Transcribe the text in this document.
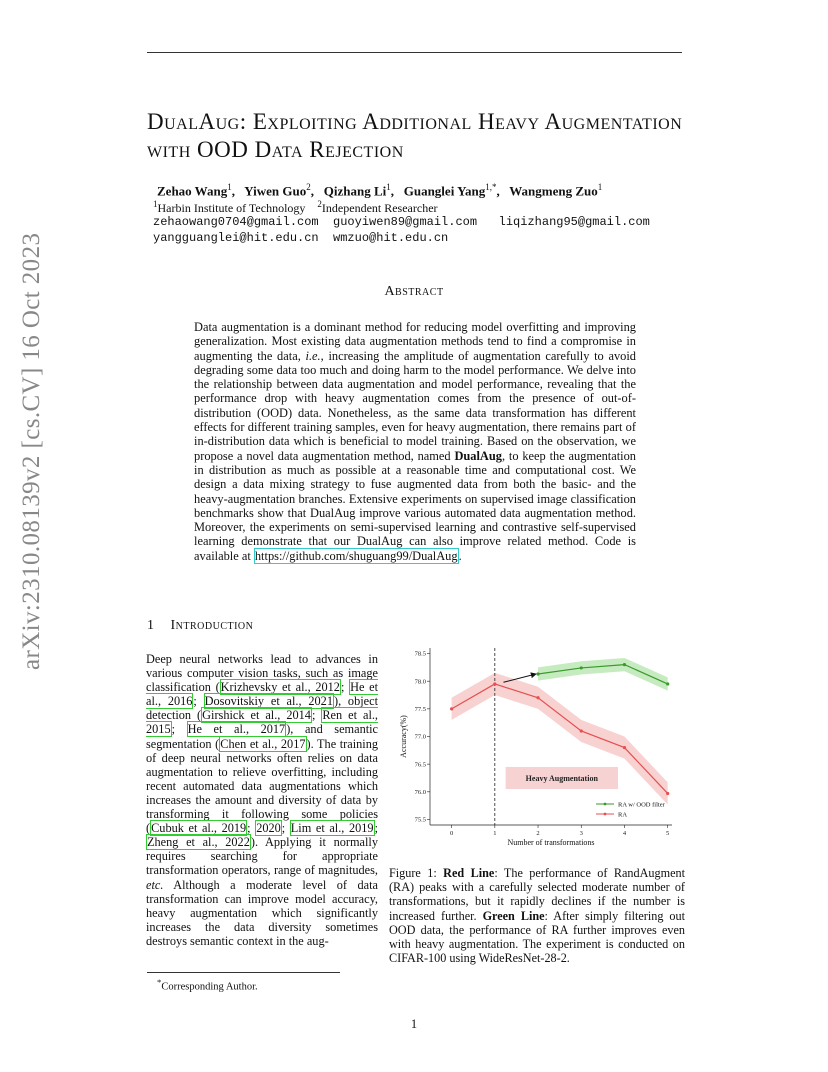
arXiv:2310.08139v2 [cs.CV] 16 Oct 2023
DualAug: Exploiting Additional Heavy Augmentation with OOD Data Rejection
Zehao Wang$^1$,   Yiwen Guo$^2$,   Qizhang Li$^1$,   Guanglei Yang$^{1,*}$,   Wangmeng Zuo$^1$
$^1$Harbin Institute of Technology $^2$Independent Researcher
zehaowang0704@gmail.com  guoyiwen89@gmail.com   liqizhang95@gmail.com
yangguanglei@hit.edu.cn  wmzuo@hit.edu.cn
Abstract
Data augmentation is a dominant method for reducing model overfitting and improving generalization. Most existing data augmentation methods tend to find a compromise in augmenting the data, i.e., increasing the amplitude of augmentation carefully to avoid degrading some data too much and doing harm to the model performance. We delve into the relationship between data augmentation and model performance, revealing that the performance drop with heavy augmentation comes from the presence of out-of-distribution (OOD) data. Nonetheless, as the same data transformation has different effects for different training samples, even for heavy augmentation, there remains part of in-distribution data which is beneficial to model training. Based on the observation, we propose a novel data augmentation method, named DualAug, to keep the augmentation in distribution as much as possible at a reasonable time and computational cost. We design a data mixing strategy to fuse augmented data from both the basic- and the heavy-augmentation branches. Extensive experiments on supervised image classification benchmarks show that DualAug improve various automated data augmentation method. Moreover, the experiments on semi-supervised learning and contrastive self-supervised learning demonstrate that our DualAug can also improve related method. Code is available at https://github.com/shuguang99/DualAug.
1 Introduction
Deep neural networks lead to advances in various computer vision tasks, such as image classification (Krizhevsky et al., 2012; He et al., 2016; Dosovitskiy et al., 2021), object detection (Girshick et al., 2014; Ren et al., 2015; He et al., 2017), and semantic segmentation (Chen et al., 2017). The training of deep neural networks often relies on data augmentation to relieve overfitting, including recent automated data augmentations which increases the amount and diversity of data by transforming it following some policies (Cubuk et al., 2019; 2020; Lim et al., 2019; Zheng et al., 2022). Applying it normally requires searching for appropriate transformation operators, range of magnitudes, etc. Although a moderate level of data transformation can improve model accuracy, heavy augmentation which significantly increases the data diversity sometimes destroys semantic context in the aug-
Heavy Augmentation
0	1	2	3	4	5
75.5
76.0
76.5
77.0
77.5
78.0
78.5
Number of transformations
Accuracy(%)
RA w/ OOD filter
RA
Figure 1: Red Line: The performance of RandAugment (RA) peaks with a carefully selected moderate number of transformations, but it rapidly declines if the number is increased further. Green Line: After simply filtering out OOD data, the performance of RA further improves even with heavy augmentation. The experiment is conducted on CIFAR-100 using WideResNet-28-2.
*Corresponding Author.
1
